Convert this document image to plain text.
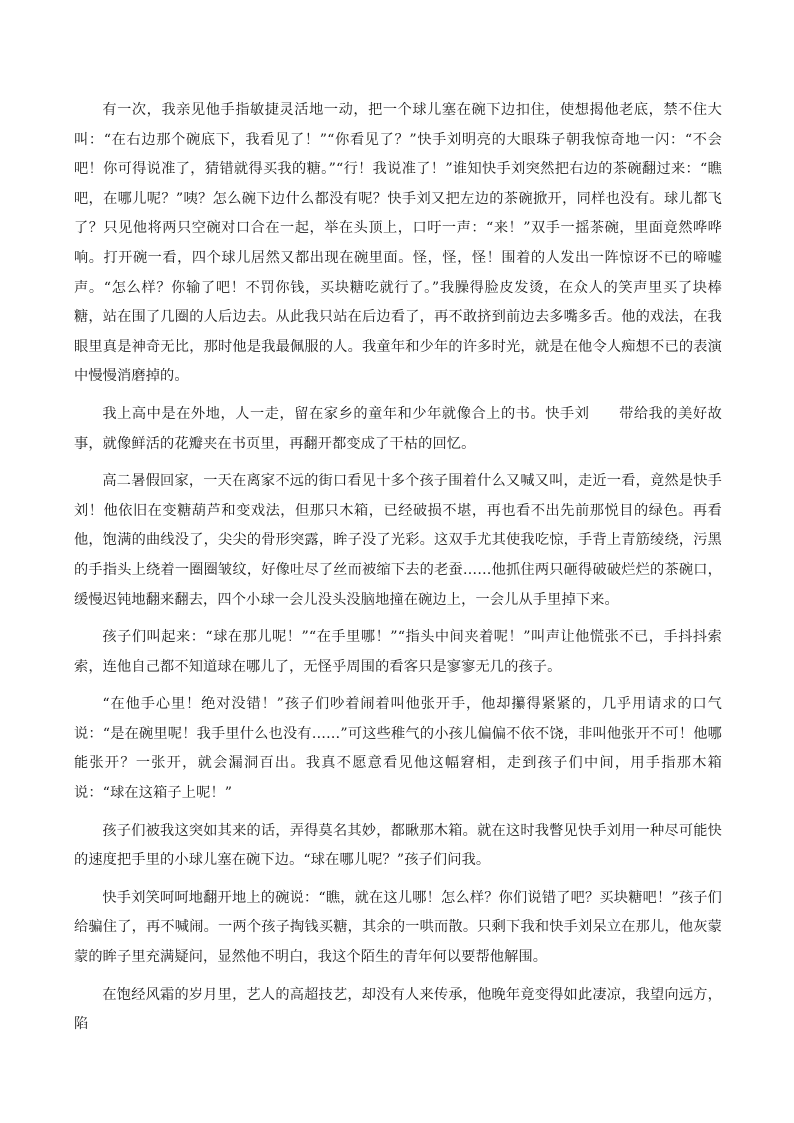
有一次，我亲见他手指敏捷灵活地一动，把一个球儿塞在碗下边扣住，使想揭他老底，禁不住大叫：“在右边那个碗底下，我看见了！”“你看见了？”快手刘明亮的大眼珠子朝我惊奇地一闪：“不会吧！你可得说准了，猜错就得买我的糖。”“行！我说准了！”谁知快手刘突然把右边的茶碗翻过来：“瞧吧，在哪儿呢？”咦？怎么碗下边什么都没有呢？快手刘又把左边的茶碗掀开，同样也没有。球儿都飞了？只见他将两只空碗对口合在一起，举在头顶上，口吁一声：“来！”双手一摇茶碗，里面竟然哗哗响。打开碗一看，四个球儿居然又都出现在碗里面。怪，怪，怪！围着的人发出一阵惊讶不已的啼嘘声。“怎么样？你输了吧！不罚你钱，买块糖吃就行了。”我臊得脸皮发烫，在众人的笑声里买了块棒糖，站在围了几圈的人后边去。从此我只站在后边看了，再不敢挤到前边去多嘴多舌。他的戏法，在我眼里真是神奇无比，那时他是我最佩服的人。我童年和少年的许多时光，就是在他令人痴想不已的表演中慢慢消磨掉的。

我上高中是在外地，人一走，留在家乡的童年和少年就像合上的书。快手刘　　带给我的美好故事，就像鲜活的花瓣夹在书页里，再翻开都变成了干枯的回忆。

高二暑假回家，一天在离家不远的街口看见十多个孩子围着什么又喊又叫，走近一看，竟然是快手刘！他依旧在变糖葫芦和变戏法，但那只木箱，已经破损不堪，再也看不出先前那悦目的绿色。再看他，饱满的曲线没了，尖尖的骨形突露，眸子没了光彩。这双手尤其使我吃惊，手背上青筋绫绕，污黑的手指头上绕着一圈圈皱纹，好像吐尽了丝而被缩下去的老蚕……他抓住两只砸得破破烂烂的茶碗口，缓慢迟钝地翻来翻去，四个小球一会儿没头没脑地撞在碗边上，一会儿从手里掉下来。

孩子们叫起来：“球在那儿呢！”“在手里哪！”“指头中间夹着呢！”叫声让他慌张不已，手抖抖索索，连他自己都不知道球在哪儿了，无怪乎周围的看客只是寥寥无几的孩子。

“在他手心里！绝对没错！”孩子们吵着闹着叫他张开手，他却攥得紧紧的，几乎用请求的口气说：“是在碗里呢！我手里什么也没有……”可这些稚气的小孩儿偏偏不依不饶，非叫他张开不可！他哪能张开？一张开，就会漏洞百出。我真不愿意看见他这幅窘相，走到孩子们中间，用手指那木箱说：“球在这箱子上呢！”

孩子们被我这突如其来的话，弄得莫名其妙，都瞅那木箱。就在这时我瞥见快手刘用一种尽可能快的速度把手里的小球儿塞在碗下边。“球在哪儿呢？”孩子们问我。

快手刘笑呵呵地翻开地上的碗说：“瞧，就在这儿哪！怎么样？你们说错了吧？买块糖吧！”孩子们给骗住了，再不喊闹。一两个孩子掏钱买糖，其余的一哄而散。只剩下我和快手刘呆立在那儿，他灰蒙蒙的眸子里充满疑问，显然他不明白，我这个陌生的青年何以要帮他解围。

在饱经风霜的岁月里，艺人的高超技艺，却没有人来传承，他晚年竟变得如此凄凉，我望向远方，陷
